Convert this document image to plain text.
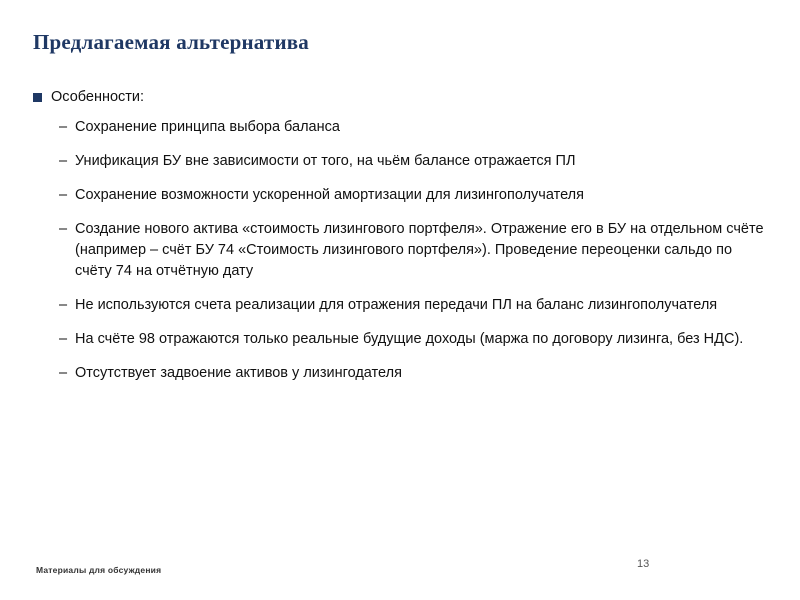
Предлагаемая альтернатива
Особенности:
– Сохранение принципа выбора баланса
– Унификация БУ вне зависимости от того, на чьём балансе отражается ПЛ
– Сохранение возможности ускоренной амортизации для лизингополучателя
– Создание нового актива «стоимость лизингового портфеля». Отражение его в БУ на отдельном счёте (например – счёт БУ 74 «Стоимость лизингового портфеля»). Проведение переоценки сальдо по счёту 74 на отчётную дату
– Не используются счета реализации для отражения передачи ПЛ на баланс лизингополучателя
– На счёте 98 отражаются только реальные будущие доходы (маржа по договору лизинга, без НДС).
– Отсутствует задвоение активов у лизингодателя
Материалы для обсуждения	13
